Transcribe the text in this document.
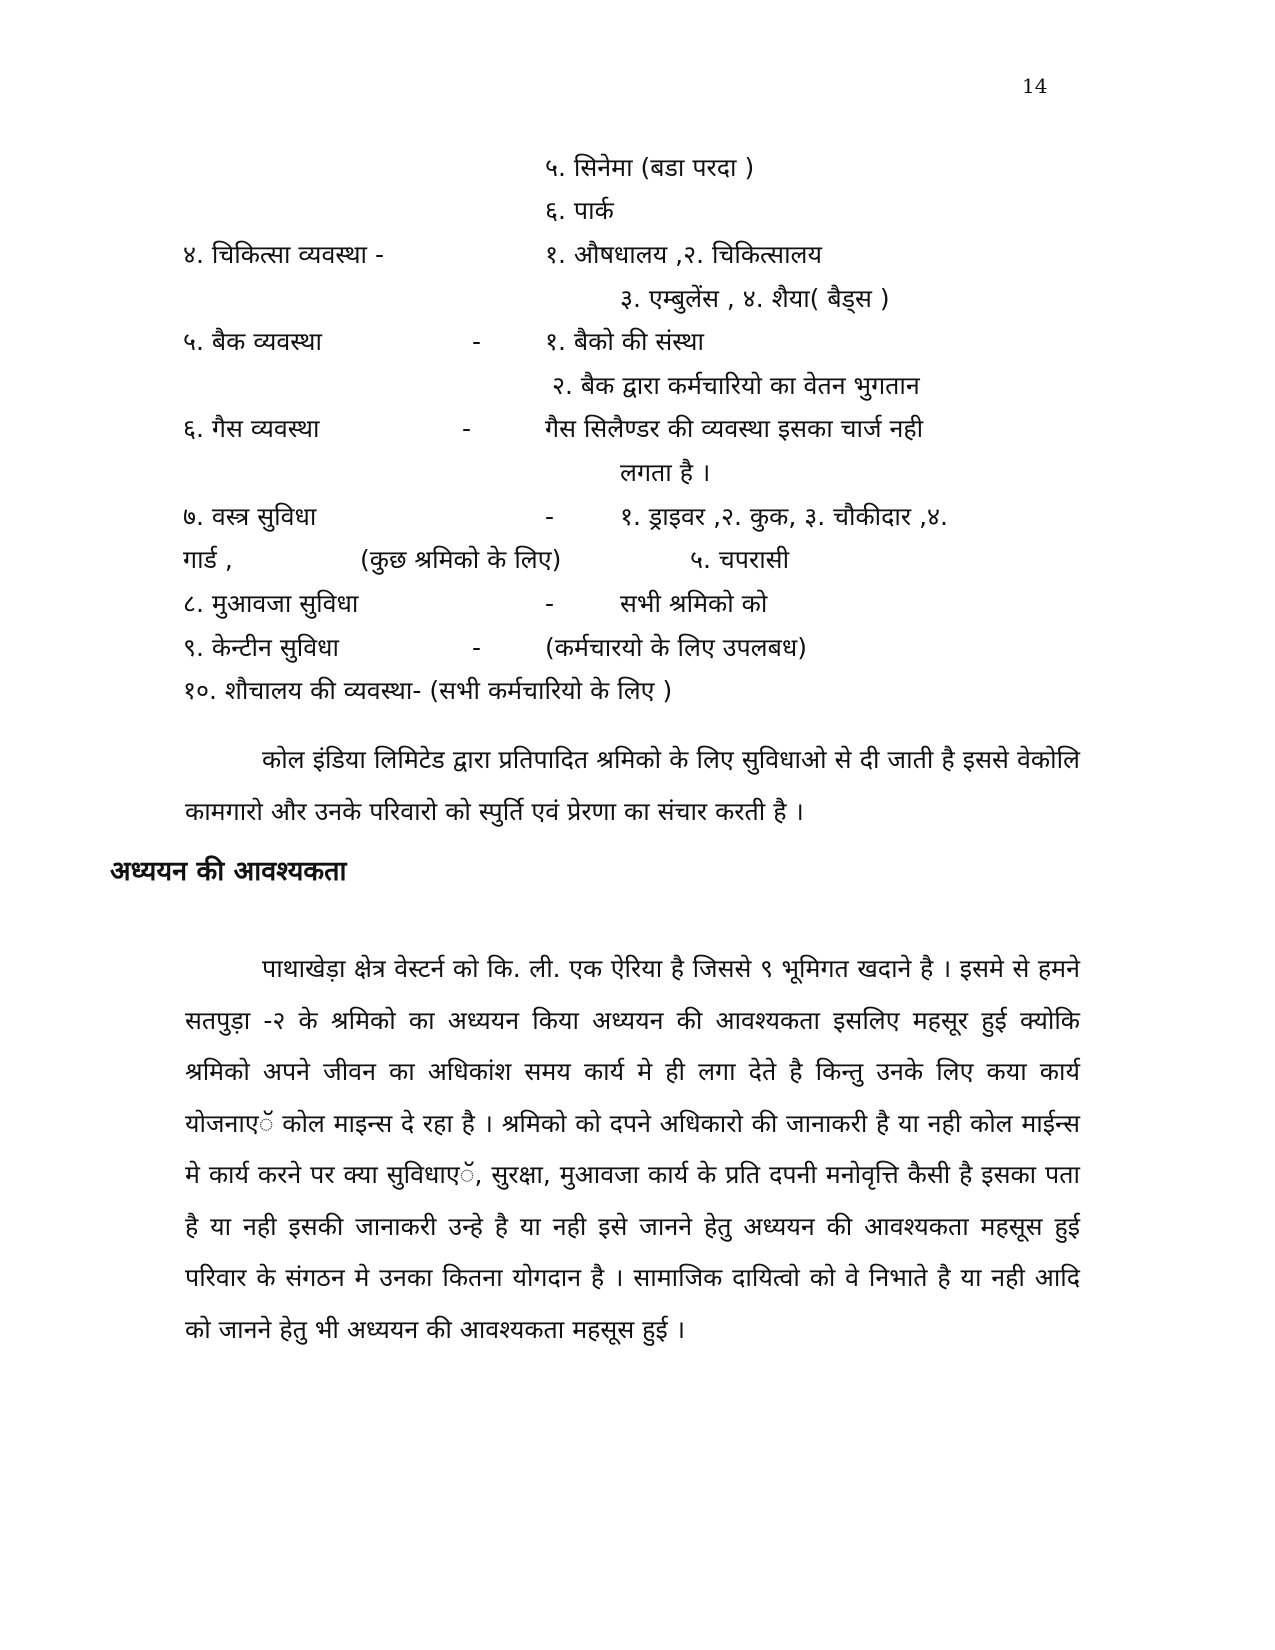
14
५. सिनेमा (बडा परदा )
६. पार्क
४. चिकित्सा व्यवस्था -	१. औषधालय ,२. चिकित्सालय
३. एम्बुलेंस , ४. शैया( बैड्स )
५. बैक व्यवस्था	-	१. बैको की संस्था
२. बैक द्वारा कर्मचारियो का वेतन भुगतान
६. गैस व्यवस्था	-	गैस सिलैण्डर की व्यवस्था इसका चार्ज नही
लगता है ।
७. वस्त्र सुविधा	-	१. ड्राइवर ,२. कुक, ३. चौकीदार ,४.
गार्ड ,	(कुछ श्रमिको के लिए)	५. चपरासी
८. मुआवजा सुविधा	-	सभी श्रमिको को
९. केन्टीन सुविधा	-	(कर्मचारयो के लिए उपलबध)
१०. शौचालय की व्यवस्था- (सभी कर्मचारियो के लिए )

कोल इंडिया लिमिटेड द्वारा प्रतिपादित श्रमिको के लिए सुविधाओ से दी जाती है इससे वेकोलि कामगारो और उनके परिवारो को स्पुर्ति एवं प्रेरणा का संचार करती है ।

अध्ययन की आवश्यकता

पाथाखेड़ा क्षेत्र वेस्टर्न को कि. ली. एक ऐरिया है जिससे ९ भूमिगत खदाने है । इसमे से हमने सतपुड़ा -२ के श्रमिको का अध्ययन किया अध्ययन की आवश्यकता इसलिए महसूर हुई क्योकि श्रमिको अपने जीवन का अधिकांश समय कार्य मे ही लगा देते है किन्तु उनके लिए कया कार्य योजनाएॅ कोल माइन्स दे रहा है । श्रमिको को दपने अधिकारो की जानाकरी है या नही कोल माईन्स मे कार्य करने पर क्या सुविधाएॅ, सुरक्षा, मुआवजा कार्य के प्रति दपनी मनोवृत्ति कैसी है इसका पता है या नही इसकी जानाकरी उन्हे है या नही इसे जानने हेतु अध्ययन की आवश्यकता महसूस हुई परिवार के संगठन मे उनका कितना योगदान है । सामाजिक दायित्वो को वे निभाते है या नही आदि को जानने हेतु भी अध्ययन की आवश्यकता महसूस हुई ।
